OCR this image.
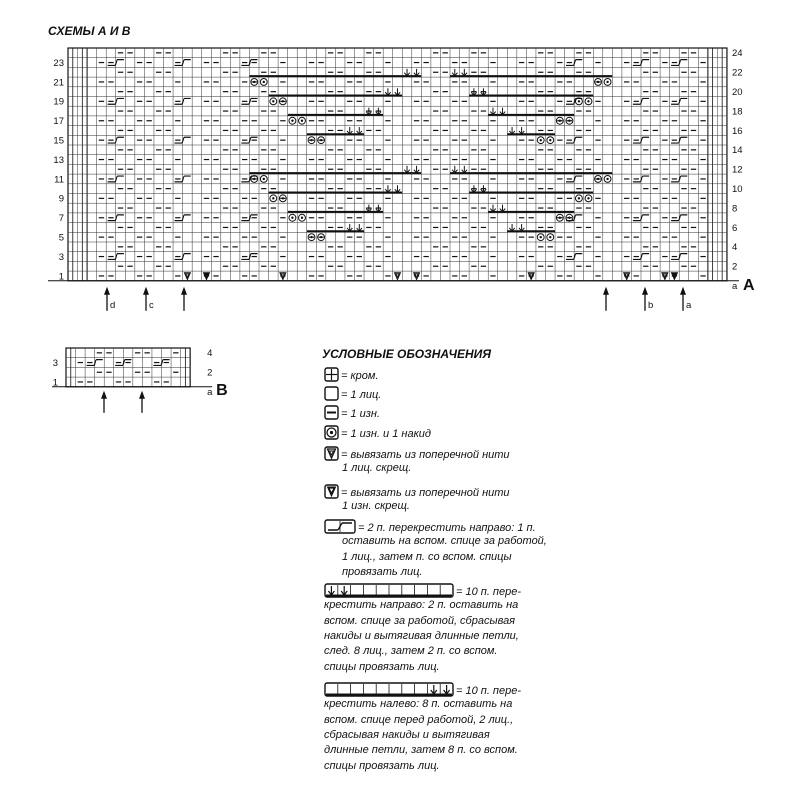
СХЕМЫ А И В
23
21
19
17
15
13
11
9
7
5
3
1
24
22
20
18
16
14
12
10
8
6
4
2
a A
d	c	b	a
3
1
4
2
a B
УСЛОВНЫЕ ОБОЗНАЧЕНИЯ
= кром.
= 1 лиц.
= 1 изн.
= 1 изн. и 1 накид
= вывязать из поперечной нити
1 лиц. скрещ.
= вывязать из поперечной нити
1 изн. скрещ.
= 2 п. перекрестить направо: 1 п.
оставить на вспом. спице за работой,
1 лиц., затем п. со вспом. спицы
провязать лиц.
= 10 п. пере-
крестить направо: 2 п. оставить на
вспом. спице за работой, сбрасывая
накиды и вытягивая длинные петли,
след. 8 лиц., затем 2 п. со вспом.
спицы провязать лиц.
= 10 п. пере-
крестить налево: 8 п. оставить на
вспом. спице перед работой, 2 лиц.,
сбрасывая накиды и вытягивая
длинные петли, затем 8 п. со вспом.
спицы провязать лиц.
